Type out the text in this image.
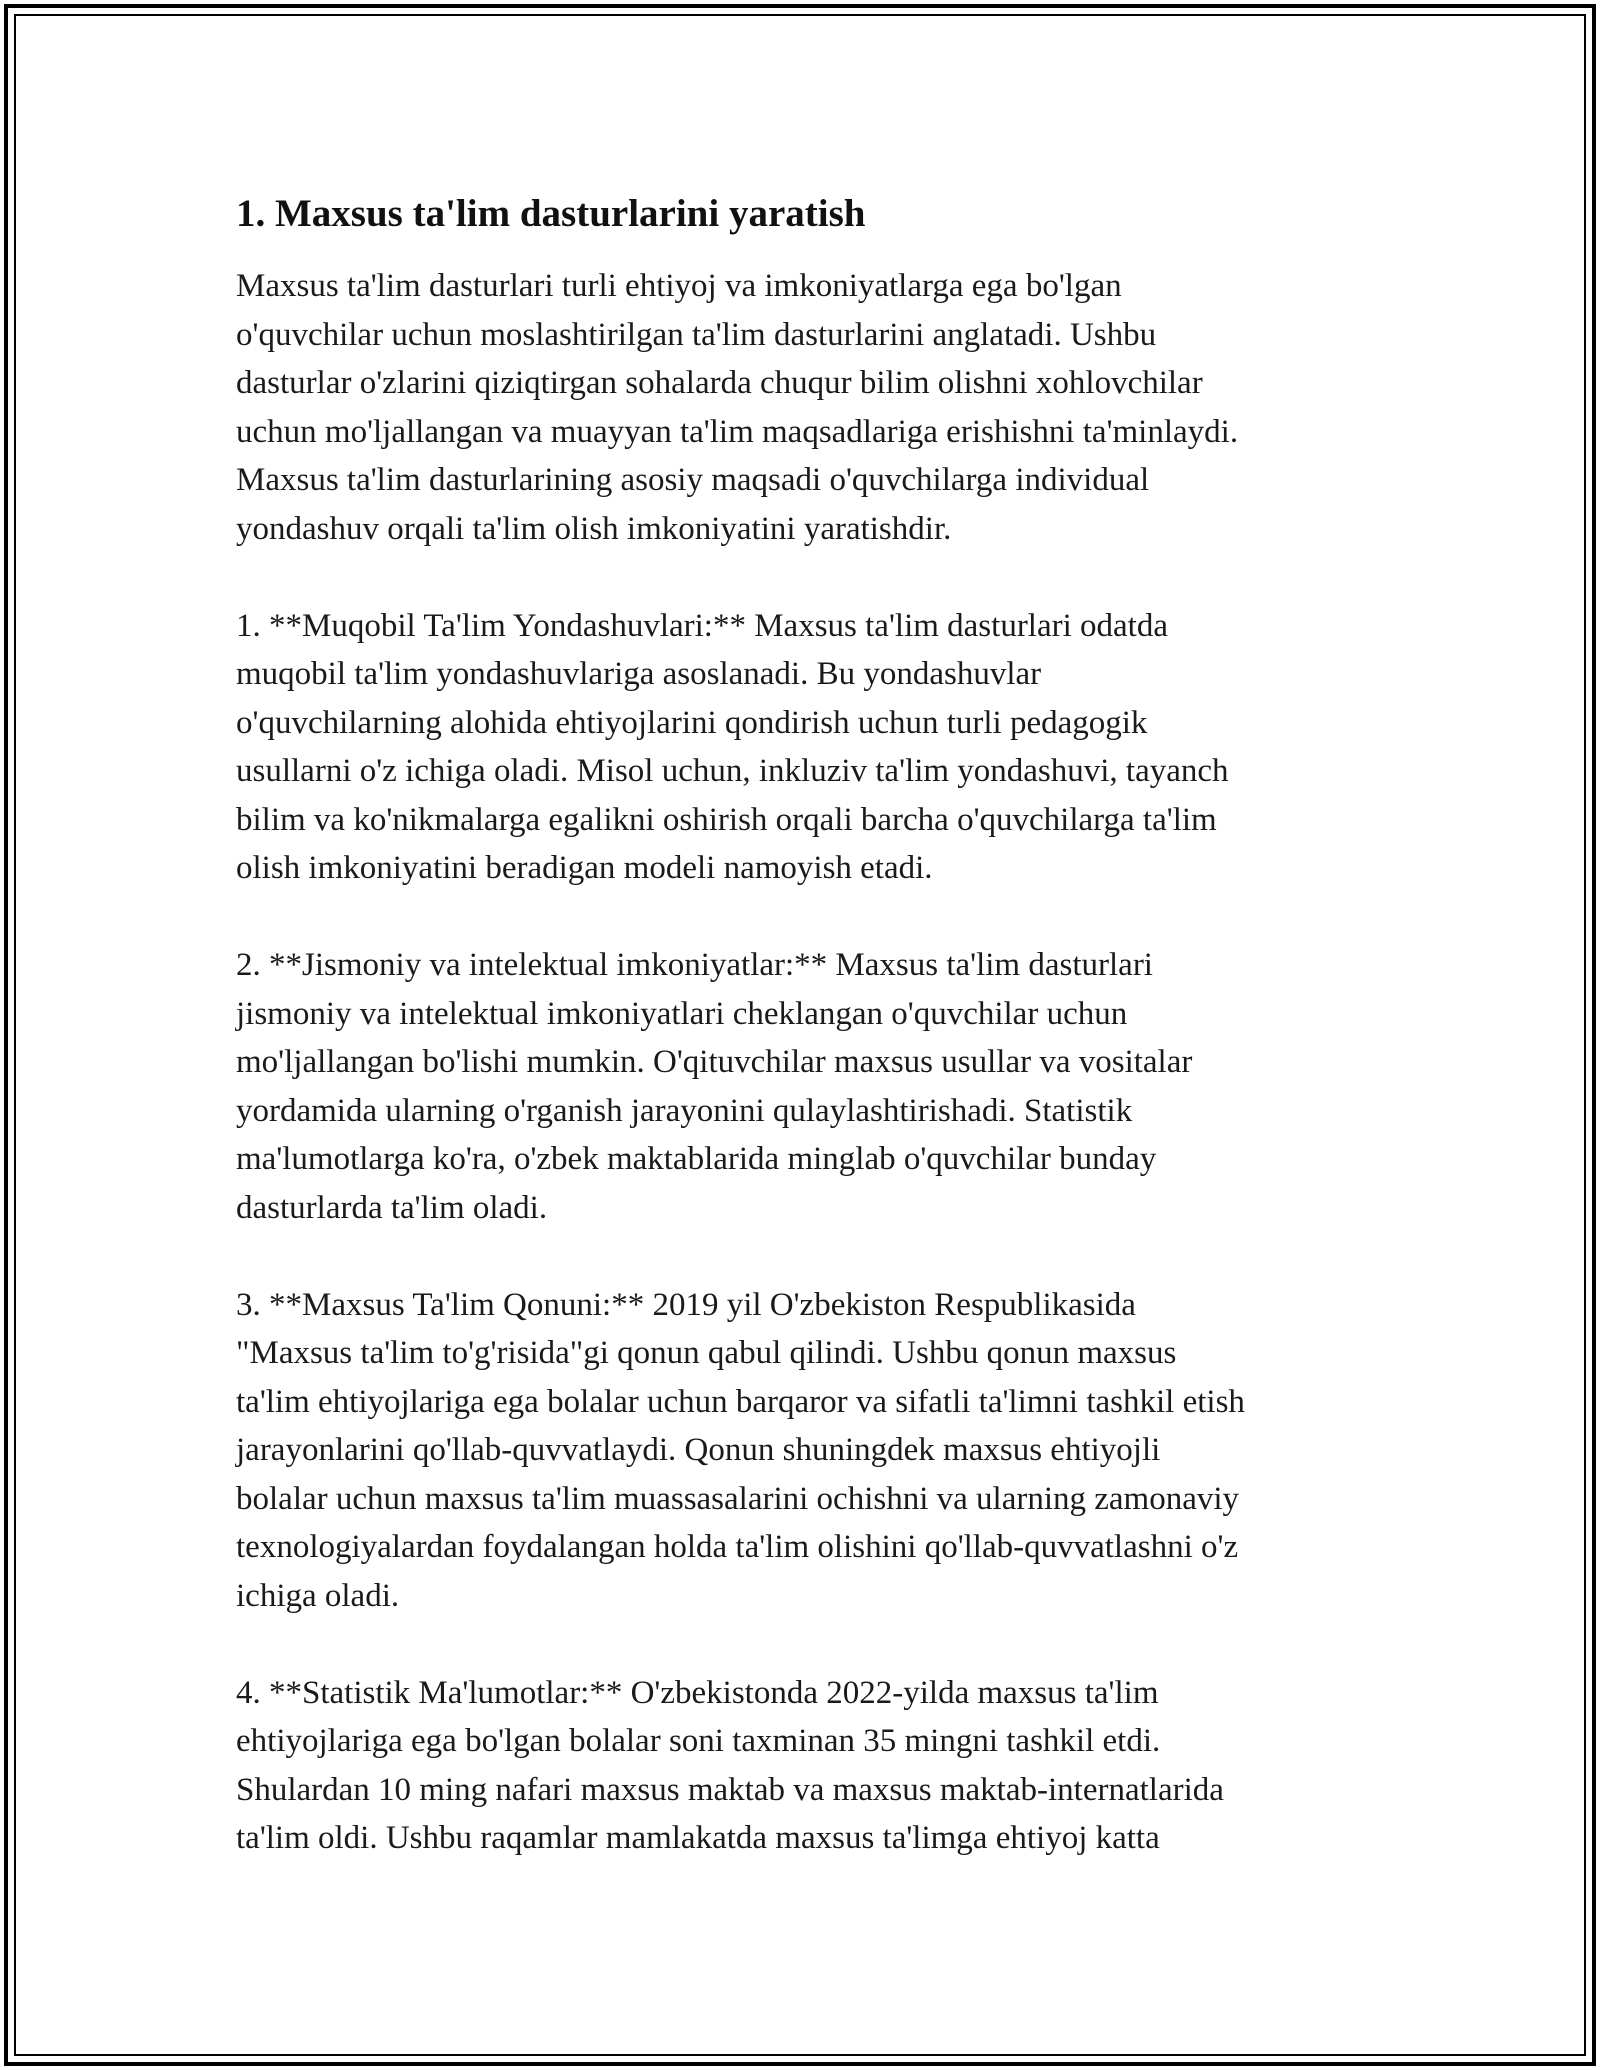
1. Maxsus ta'lim dasturlarini yaratish

Maxsus ta'lim dasturlari turli ehtiyoj va imkoniyatlarga ega bo'lgan
o'quvchilar uchun moslashtirilgan ta'lim dasturlarini anglatadi. Ushbu
dasturlar o'zlarini qiziqtirgan sohalarda chuqur bilim olishni xohlovchilar
uchun mo'ljallangan va muayyan ta'lim maqsadlariga erishishni ta'minlaydi.
Maxsus ta'lim dasturlarining asosiy maqsadi o'quvchilarga individual
yondashuv orqali ta'lim olish imkoniyatini yaratishdir.

1. **Muqobil Ta'lim Yondashuvlari:** Maxsus ta'lim dasturlari odatda
muqobil ta'lim yondashuvlariga asoslanadi. Bu yondashuvlar
o'quvchilarning alohida ehtiyojlarini qondirish uchun turli pedagogik
usullarni o'z ichiga oladi. Misol uchun, inkluziv ta'lim yondashuvi, tayanch
bilim va ko'nikmalarga egalikni oshirish orqali barcha o'quvchilarga ta'lim
olish imkoniyatini beradigan modeli namoyish etadi.

2. **Jismoniy va intelektual imkoniyatlar:** Maxsus ta'lim dasturlari
jismoniy va intelektual imkoniyatlari cheklangan o'quvchilar uchun
mo'ljallangan bo'lishi mumkin. O'qituvchilar maxsus usullar va vositalar
yordamida ularning o'rganish jarayonini qulaylashtirishadi. Statistik
ma'lumotlarga ko'ra, o'zbek maktablarida minglab o'quvchilar bunday
dasturlarda ta'lim oladi.

3. **Maxsus Ta'lim Qonuni:** 2019 yil O'zbekiston Respublikasida
"Maxsus ta'lim to'g'risida"gi qonun qabul qilindi. Ushbu qonun maxsus
ta'lim ehtiyojlariga ega bolalar uchun barqaror va sifatli ta'limni tashkil etish
jarayonlarini qo'llab-quvvatlaydi. Qonun shuningdek maxsus ehtiyojli
bolalar uchun maxsus ta'lim muassasalarini ochishni va ularning zamonaviy
texnologiyalardan foydalangan holda ta'lim olishini qo'llab-quvvatlashni o'z
ichiga oladi.

4. **Statistik Ma'lumotlar:** O'zbekistonda 2022-yilda maxsus ta'lim
ehtiyojlariga ega bo'lgan bolalar soni taxminan 35 mingni tashkil etdi.
Shulardan 10 ming nafari maxsus maktab va maxsus maktab-internatlarida
ta'lim oldi. Ushbu raqamlar mamlakatda maxsus ta'limga ehtiyoj katta
